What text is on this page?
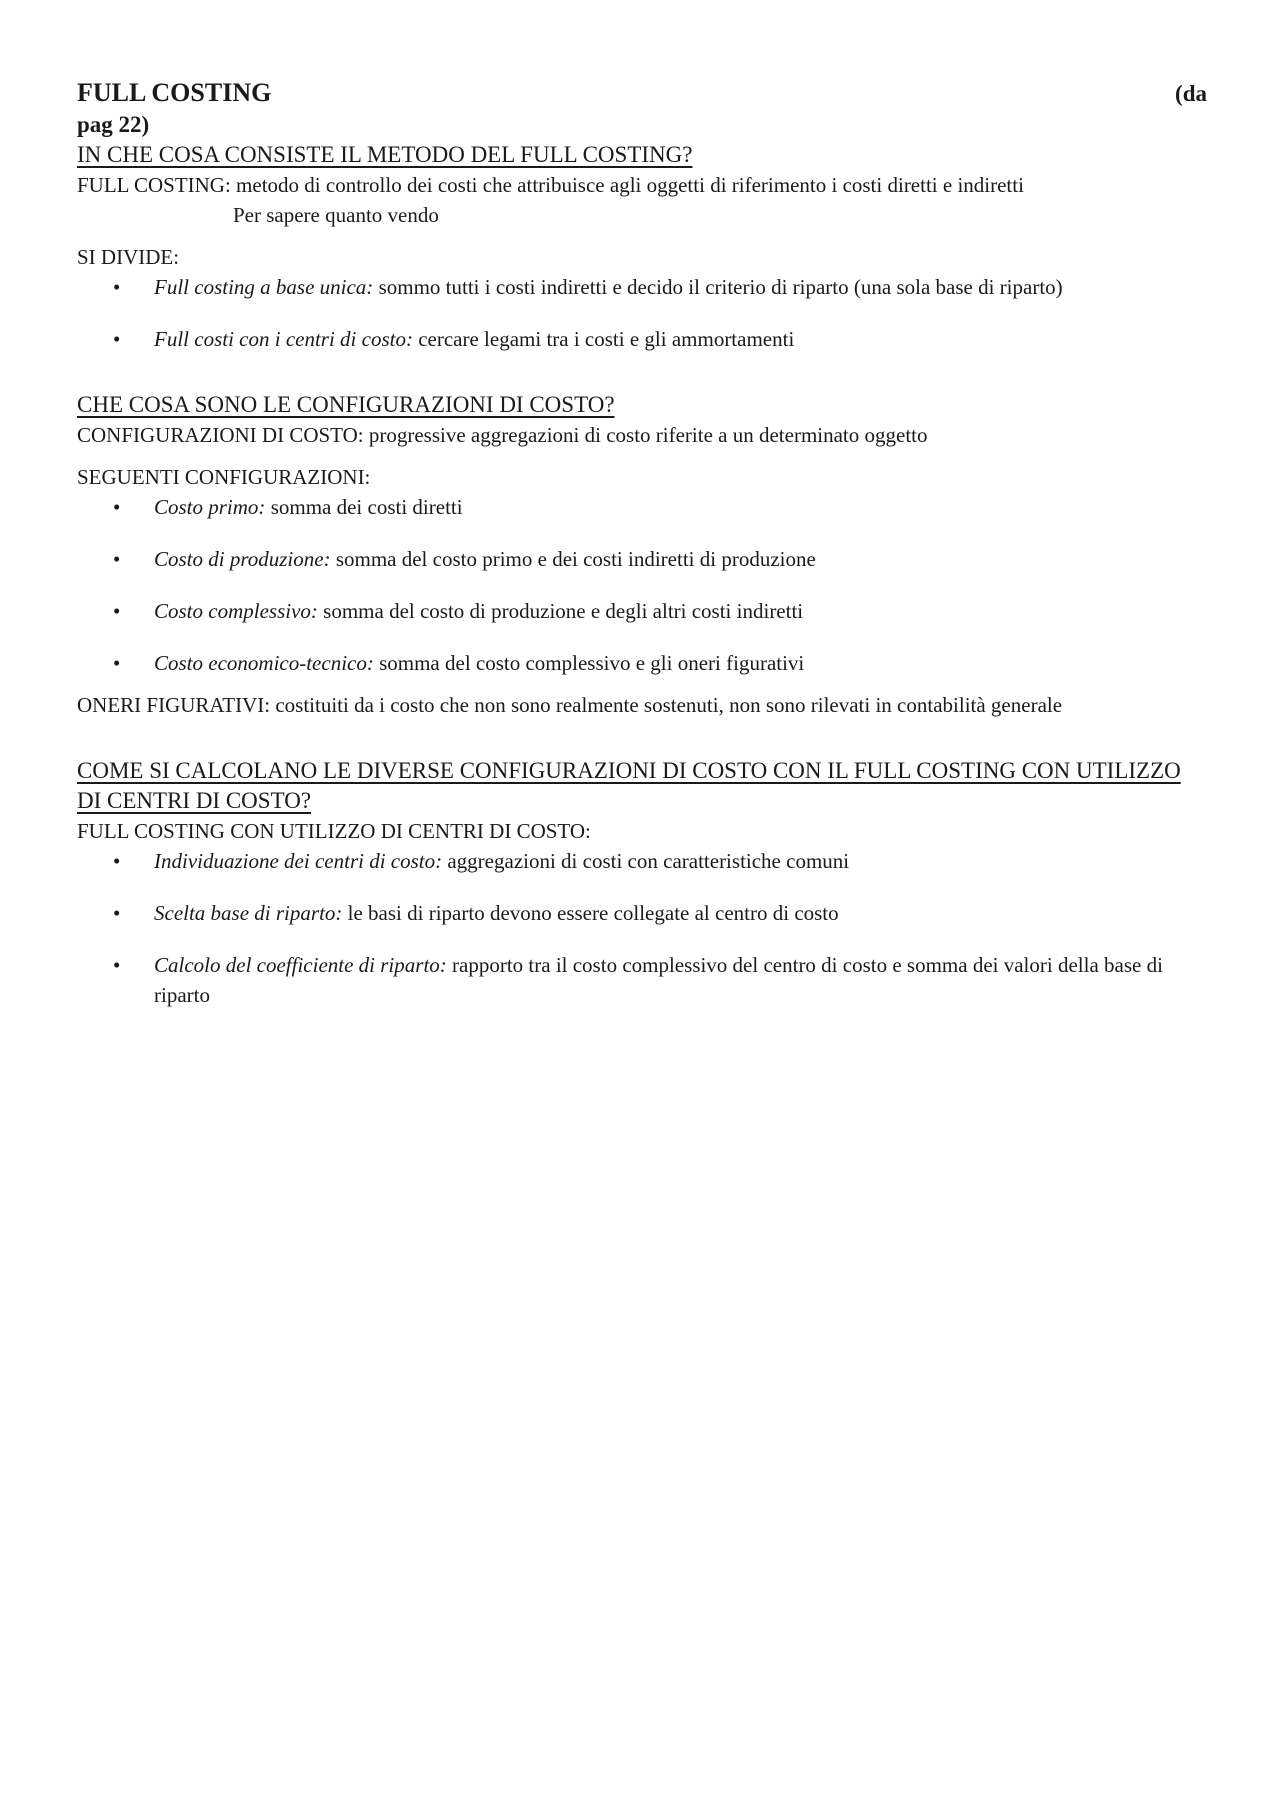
FULL COSTING	(da
pag 22)
IN CHE COSA CONSISTE IL METODO DEL FULL COSTING?
FULL COSTING: metodo di controllo dei costi che attribuisce agli oggetti di riferimento i costi diretti e indiretti
Per sapere quanto vendo
SI DIVIDE:
• Full costing a base unica: sommo tutti i costi indiretti e decido il criterio di riparto (una sola base di riparto)
• Full costi con i centri di costo: cercare legami tra i costi e gli ammortamenti
CHE COSA SONO LE CONFIGURAZIONI DI COSTO?
CONFIGURAZIONI DI COSTO: progressive aggregazioni di costo riferite a un determinato oggetto
SEGUENTI CONFIGURAZIONI:
• Costo primo: somma dei costi diretti
• Costo di produzione: somma del costo primo e dei costi indiretti di produzione
• Costo complessivo: somma del costo di produzione e degli altri costi indiretti
• Costo economico-tecnico: somma del costo complessivo e gli oneri figurativi
ONERI FIGURATIVI: costituiti da i costo che non sono realmente sostenuti, non sono rilevati in contabilità generale
COME SI CALCOLANO LE DIVERSE CONFIGURAZIONI DI COSTO CON IL FULL COSTING CON UTILIZZO DI CENTRI DI COSTO?
FULL COSTING CON UTILIZZO DI CENTRI DI COSTO:
• Individuazione dei centri di costo: aggregazioni di costi con caratteristiche comuni
• Scelta base di riparto: le basi di riparto devono essere collegate al centro di costo
• Calcolo del coefficiente di riparto: rapporto tra il costo complessivo del centro di costo e somma dei valori della base di riparto
